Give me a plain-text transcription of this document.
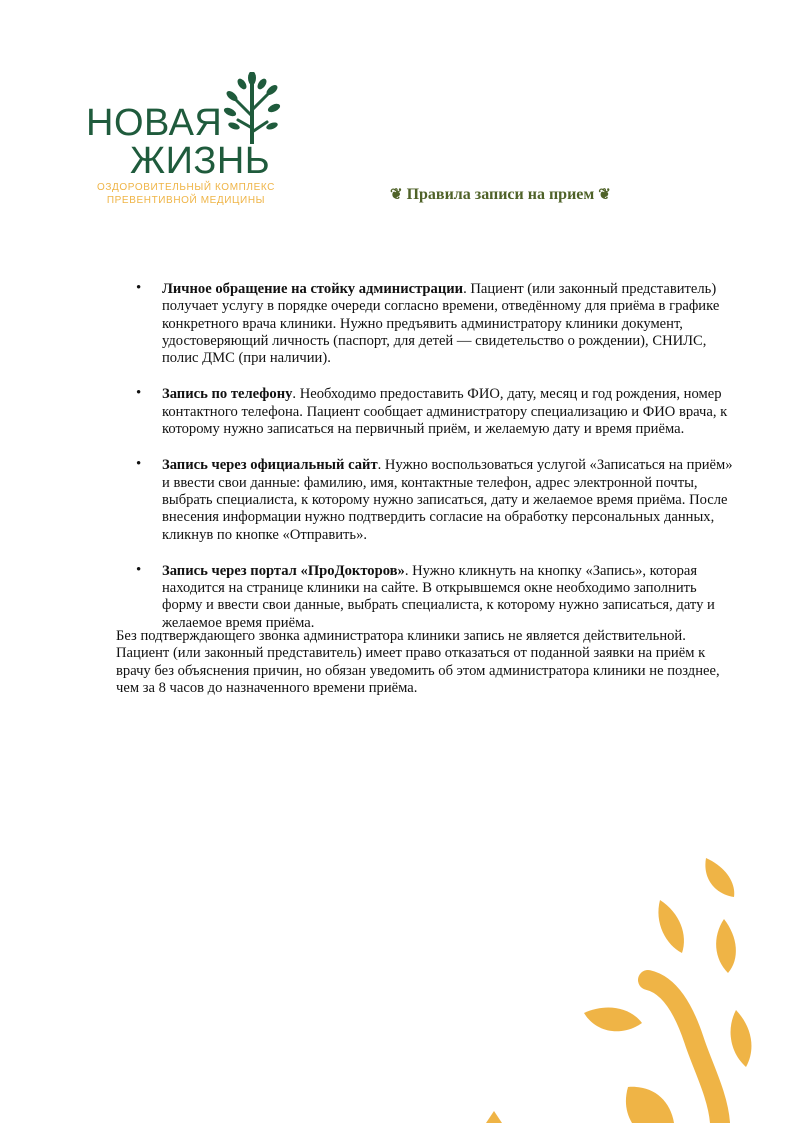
НОВАЯ
ЖИЗНЬ
ОЗДОРОВИТЕЛЬНЫЙ КОМПЛЕКС
ПРЕВЕНТИВНОЙ МЕДИЦИНЫ	❦ Правила записи на прием ❦
• Личное обращение на стойку администрации. Пациент (или законный представитель) получает услугу в порядке очереди согласно времени, отведённому для приёма в графике конкретного врача клиники. Нужно предъявить администратору клиники документ, удостоверяющий личность (паспорт, для детей — свидетельство о рождении), СНИЛС, полис ДМС (при наличии).
• Запись по телефону. Необходимо предоставить ФИО, дату, месяц и год рождения, номер контактного телефона. Пациент сообщает администратору специализацию и ФИО врача, к которому нужно записаться на первичный приём, и желаемую дату и время приёма.
• Запись через официальный сайт. Нужно воспользоваться услугой «Записаться на приём» и ввести свои данные: фамилию, имя, контактные телефон, адрес электронной почты, выбрать специалиста, к которому нужно записаться, дату и желаемое время приёма. После внесения информации нужно подтвердить согласие на обработку персональных данных, кликнув по кнопке «Отправить».
• Запись через портал «ПроДокторов». Нужно кликнуть на кнопку «Запись», которая находится на странице клиники на сайте. В открывшемся окне необходимо заполнить форму и ввести свои данные, выбрать специалиста, к которому нужно записаться, дату и желаемое время приёма.

Без подтверждающего звонка администратора клиники запись не является действительной. Пациент (или законный представитель) имеет право отказаться от поданной заявки на приём к врачу без объяснения причин, но обязан уведомить об этом администратора клиники не позднее, чем за 8 часов до назначенного времени приёма.
